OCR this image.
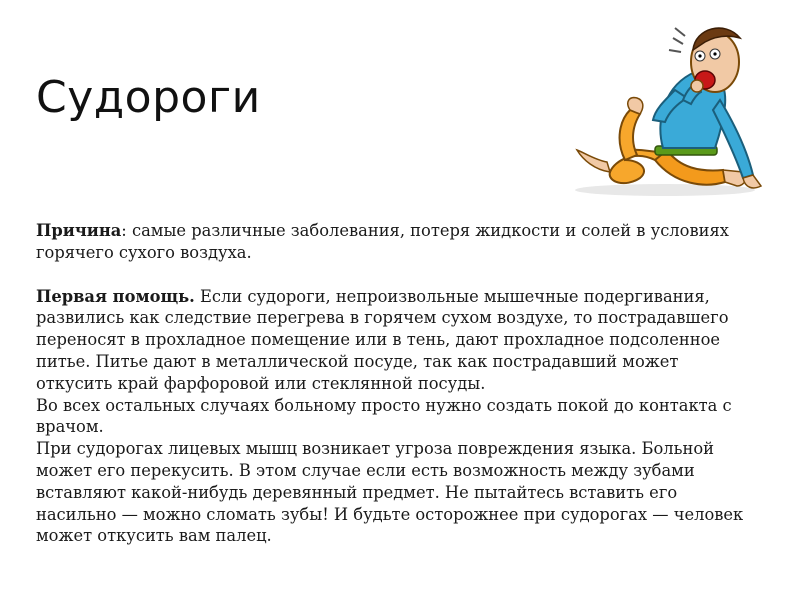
Судороги

Причина: самые различные заболевания, потеря жидкости и солей в условиях горячего сухого воздуха.

Первая помощь. Если судороги, непроизвольные мышечные подергивания, развились как следствие перегрева в горячем сухом воздухе, то пострадавшего переносят в прохладное помещение или в тень, дают прохладное подсоленное питье. Питье дают в металлической посуде, так как пострадавший может откусить край фарфоровой или стеклянной посуды.

Во всех остальных случаях больному просто нужно создать покой до контакта с врачом.

При судорогах лицевых мышц возникает угроза повреждения языка. Больной может его перекусить. В этом случае если есть возможность между зубами вставляют какой-нибудь деревянный предмет. Не пытайтесь вставить его насильно — можно сломать зубы! И будьте осторожнее при судорогах — человек может откусить вам палец.
